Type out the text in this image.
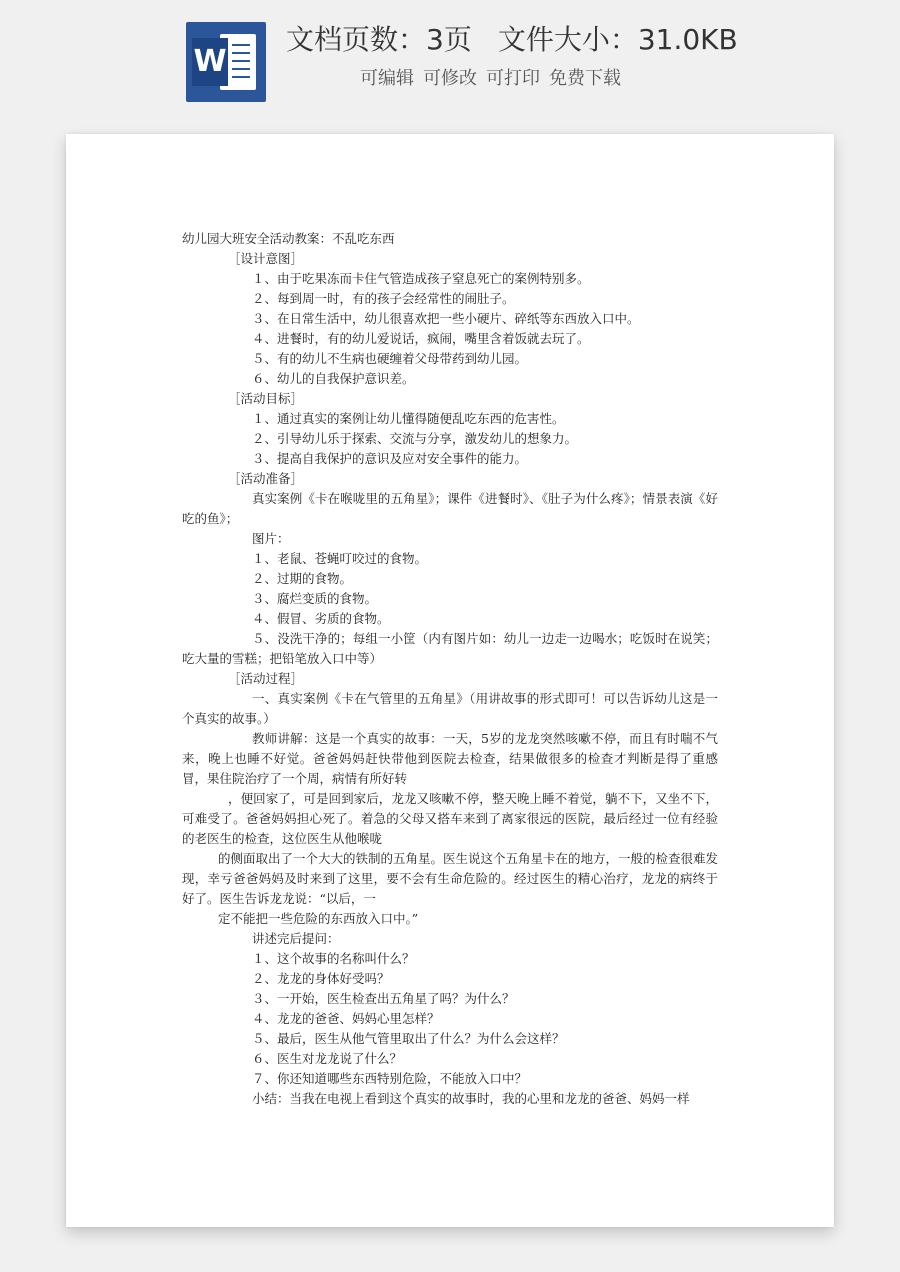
W
文档页数：3页 文件大小：31.0KB
可编辑 可修改 可打印 免费下载

幼儿园大班安全活动教案：不乱吃东西

［设计意图］

１、由于吃果冻而卡住气管造成孩子窒息死亡的案例特别多。

２、每到周一时，有的孩子会经常性的闹肚子。

３、在日常生活中，幼儿很喜欢把一些小硬片、碎纸等东西放入口中。

４、进餐时，有的幼儿爱说话，疯闹，嘴里含着饭就去玩了。

５、有的幼儿不生病也硬缠着父母带药到幼儿园。

６、幼儿的自我保护意识差。

［活动目标］

１、通过真实的案例让幼儿懂得随便乱吃东西的危害性。

２、引导幼儿乐于探索、交流与分享，激发幼儿的想象力。

３、提高自我保护的意识及应对安全事件的能力。

［活动准备］

真实案例《卡在喉咙里的五角星》；课件《进餐时》、《肚子为什么疼》；情景表演《好吃的鱼》；

图片：

１、老鼠、苍蝇叮咬过的食物。

２、过期的食物。

３、腐烂变质的食物。

４、假冒、劣质的食物。

５、没洗干净的；每组一小筐（内有图片如：幼儿一边走一边喝水；吃饭时在说笑；吃大量的雪糕；把铅笔放入口中等）

［活动过程］

一、真实案例《卡在气管里的五角星》（用讲故事的形式即可！可以告诉幼儿这是一个真实的故事。）

教师讲解：这是一个真实的故事：一天，5岁的龙龙突然咳嗽不停，而且有时喘不气来，晚上也睡不好觉。爸爸妈妈赶快带他到医院去检查，结果做很多的检查才判断是得了重感冒，果住院治疗了一个周，病情有所好转

，便回家了，可是回到家后，龙龙又咳嗽不停，整天晚上睡不着觉，躺不下，又坐不下，可难受了。爸爸妈妈担心死了。着急的父母又搭车来到了离家很远的医院，最后经过一位有经验的老医生的检查，这位医生从他喉咙

的侧面取出了一个大大的铁制的五角星。医生说这个五角星卡在的地方，一般的检查很难发现，幸亏爸爸妈妈及时来到了这里，要不会有生命危险的。经过医生的精心治疗，龙龙的病终于好了。医生告诉龙龙说：“以后，一

定不能把一些危险的东西放入口中。”

讲述完后提问：

１、这个故事的名称叫什么？

２、龙龙的身体好受吗？

３、一开始，医生检查出五角星了吗？为什么？

４、龙龙的爸爸、妈妈心里怎样？

５、最后，医生从他气管里取出了什么？为什么会这样？

６、医生对龙龙说了什么？

７、你还知道哪些东西特别危险，不能放入口中？

小结：当我在电视上看到这个真实的故事时，我的心里和龙龙的爸爸、妈妈一样
